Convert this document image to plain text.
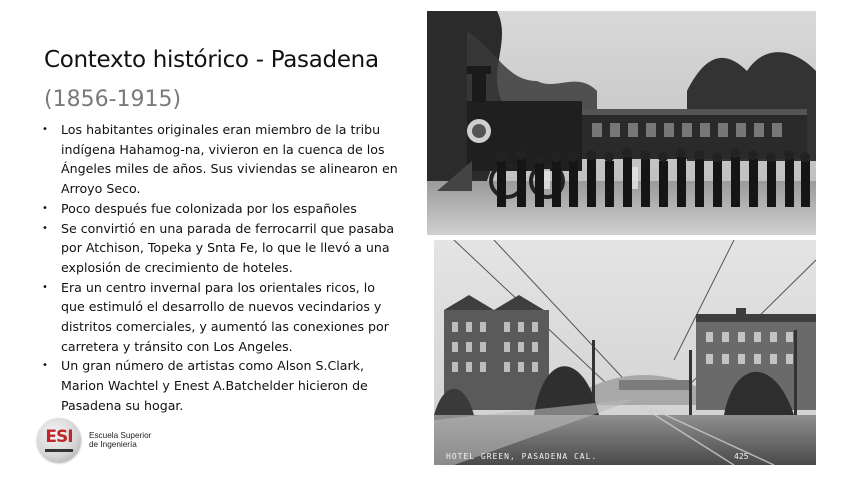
Contexto histórico - Pasadena
(1856-1915)
• Los habitantes originales eran miembro de la tribu indígena Hahamog-na, vivieron en la cuenca de los Ángeles miles de años. Sus viviendas se alinearon en Arroyo Seco.
• Poco después fue colonizada por los españoles
• Se convirtió en una parada de ferrocarril que pasaba por Atchison, Topeka y Snta Fe, lo que le llevó a una explosión de crecimiento de hoteles.
• Era un centro invernal para los orientales ricos, lo que estimuló el desarrollo de nuevos vecindarios y distritos comerciales, y aumentó las conexiones por carretera y tránsito con Los Angeles.
• Un gran número de artistas como Alson S.Clark, Marion Wachtel y Enest A.Batchelder hicieron de Pasadena su hogar.
ESI	Escuela Superior
de Ingeniería
HOTEL GREEN, PASADENA CAL.	425
